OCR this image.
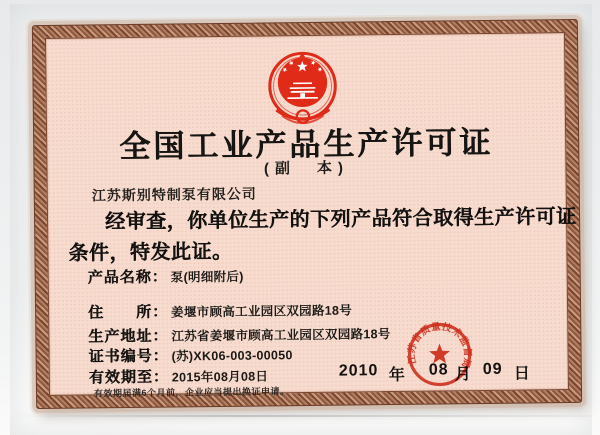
全国工业产品生产许可证
(副　本)
江苏斯别特制泵有限公司
经审查，你单位生产的下列产品符合取得生产许可证
条件，特发此证。
产品名称： 泵(明细附后)
住　　所： 姜堰市顾高工业园区双园路18号
生产地址： 江苏省姜堰市顾高工业园区双园路18号
证书编号： (苏)XK06-003-00050
有效期至： 2015年08月08日
有效期届满6个月前，企业应当提出换证申请。
2010 年 08 月 09 日
江苏省质量技术监督局
